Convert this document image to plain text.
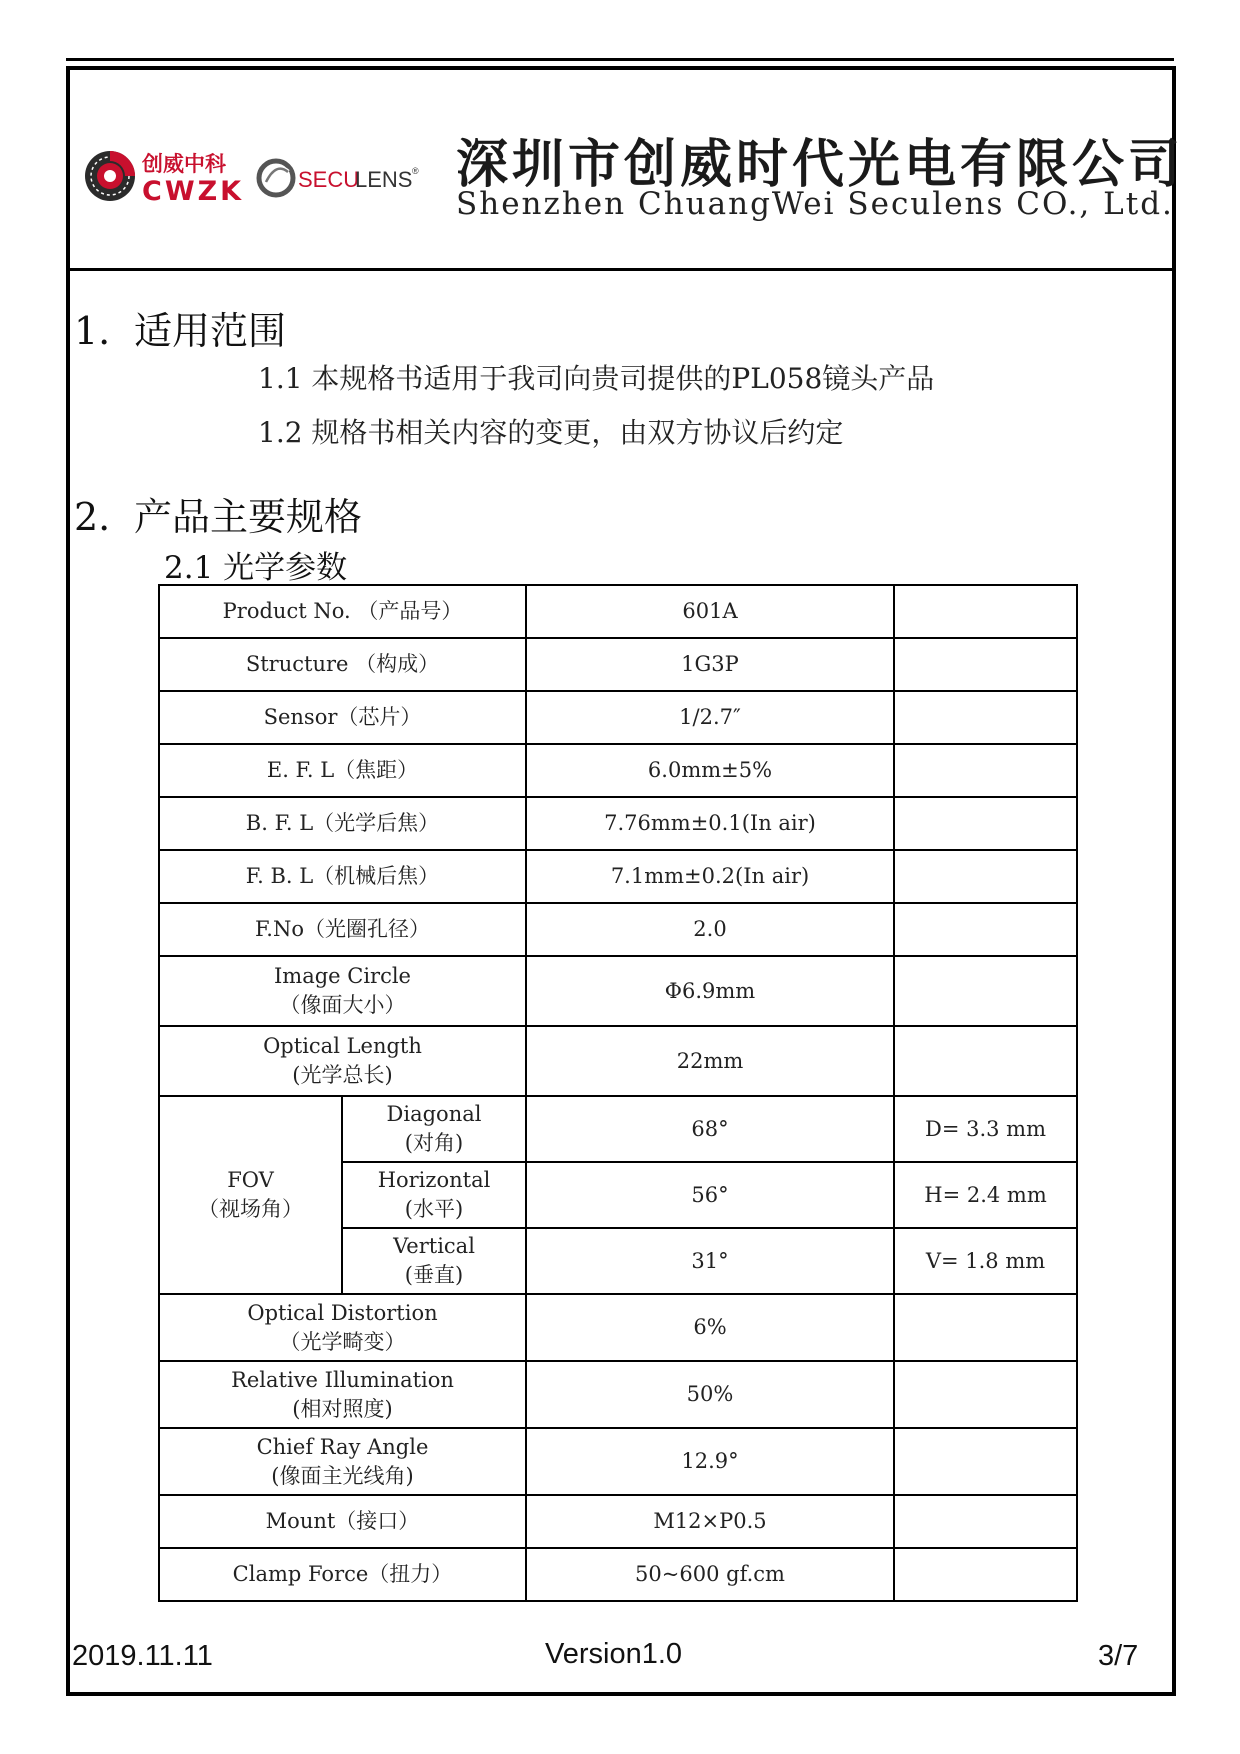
创威中科
CWZK SECU
LENS ® 深圳市创威时代光电有限公司
Shenzhen ChuangWei Seculens CO., Ltd.
1. 适用范围
1.1 本规格书适用于我司向贵司提供的PL058镜头产品
1.2 规格书相关内容的变更，由双方协议后约定
2. 产品主要规格
2.1 光学参数
Product No. （产品号）		601A	
Structure （构成）		1G3P	
Sensor（芯片）		1/2.7″	
E. F. L（焦距）		6.0mm±5%	
B. F. L（光学后焦）		7.76mm±0.1(In air)	
F. B. L（机械后焦）		7.1mm±0.2(In air)	
F.No（光圈孔径）		2.0	
Image Circle
（像面大小）		Φ6.9mm	
Optical Length
(光学总长)		22mm	
FOV
（视场角）	Diagonal
(对角)	68°	D= 3.3 mm
	Horizontal
(水平)	56°	H= 2.4 mm
	Vertical
(垂直)	31°	V= 1.8 mm
Optical Distortion
（光学畸变）		6%	
Relative Illumination
(相对照度)		50%	
Chief Ray Angle
(像面主光线角)		12.9°	
Mount（接口）		M12×P0.5	
Clamp Force（扭力）		50~600 gf.cm	
2019.11.11	Version1.0	3/7
